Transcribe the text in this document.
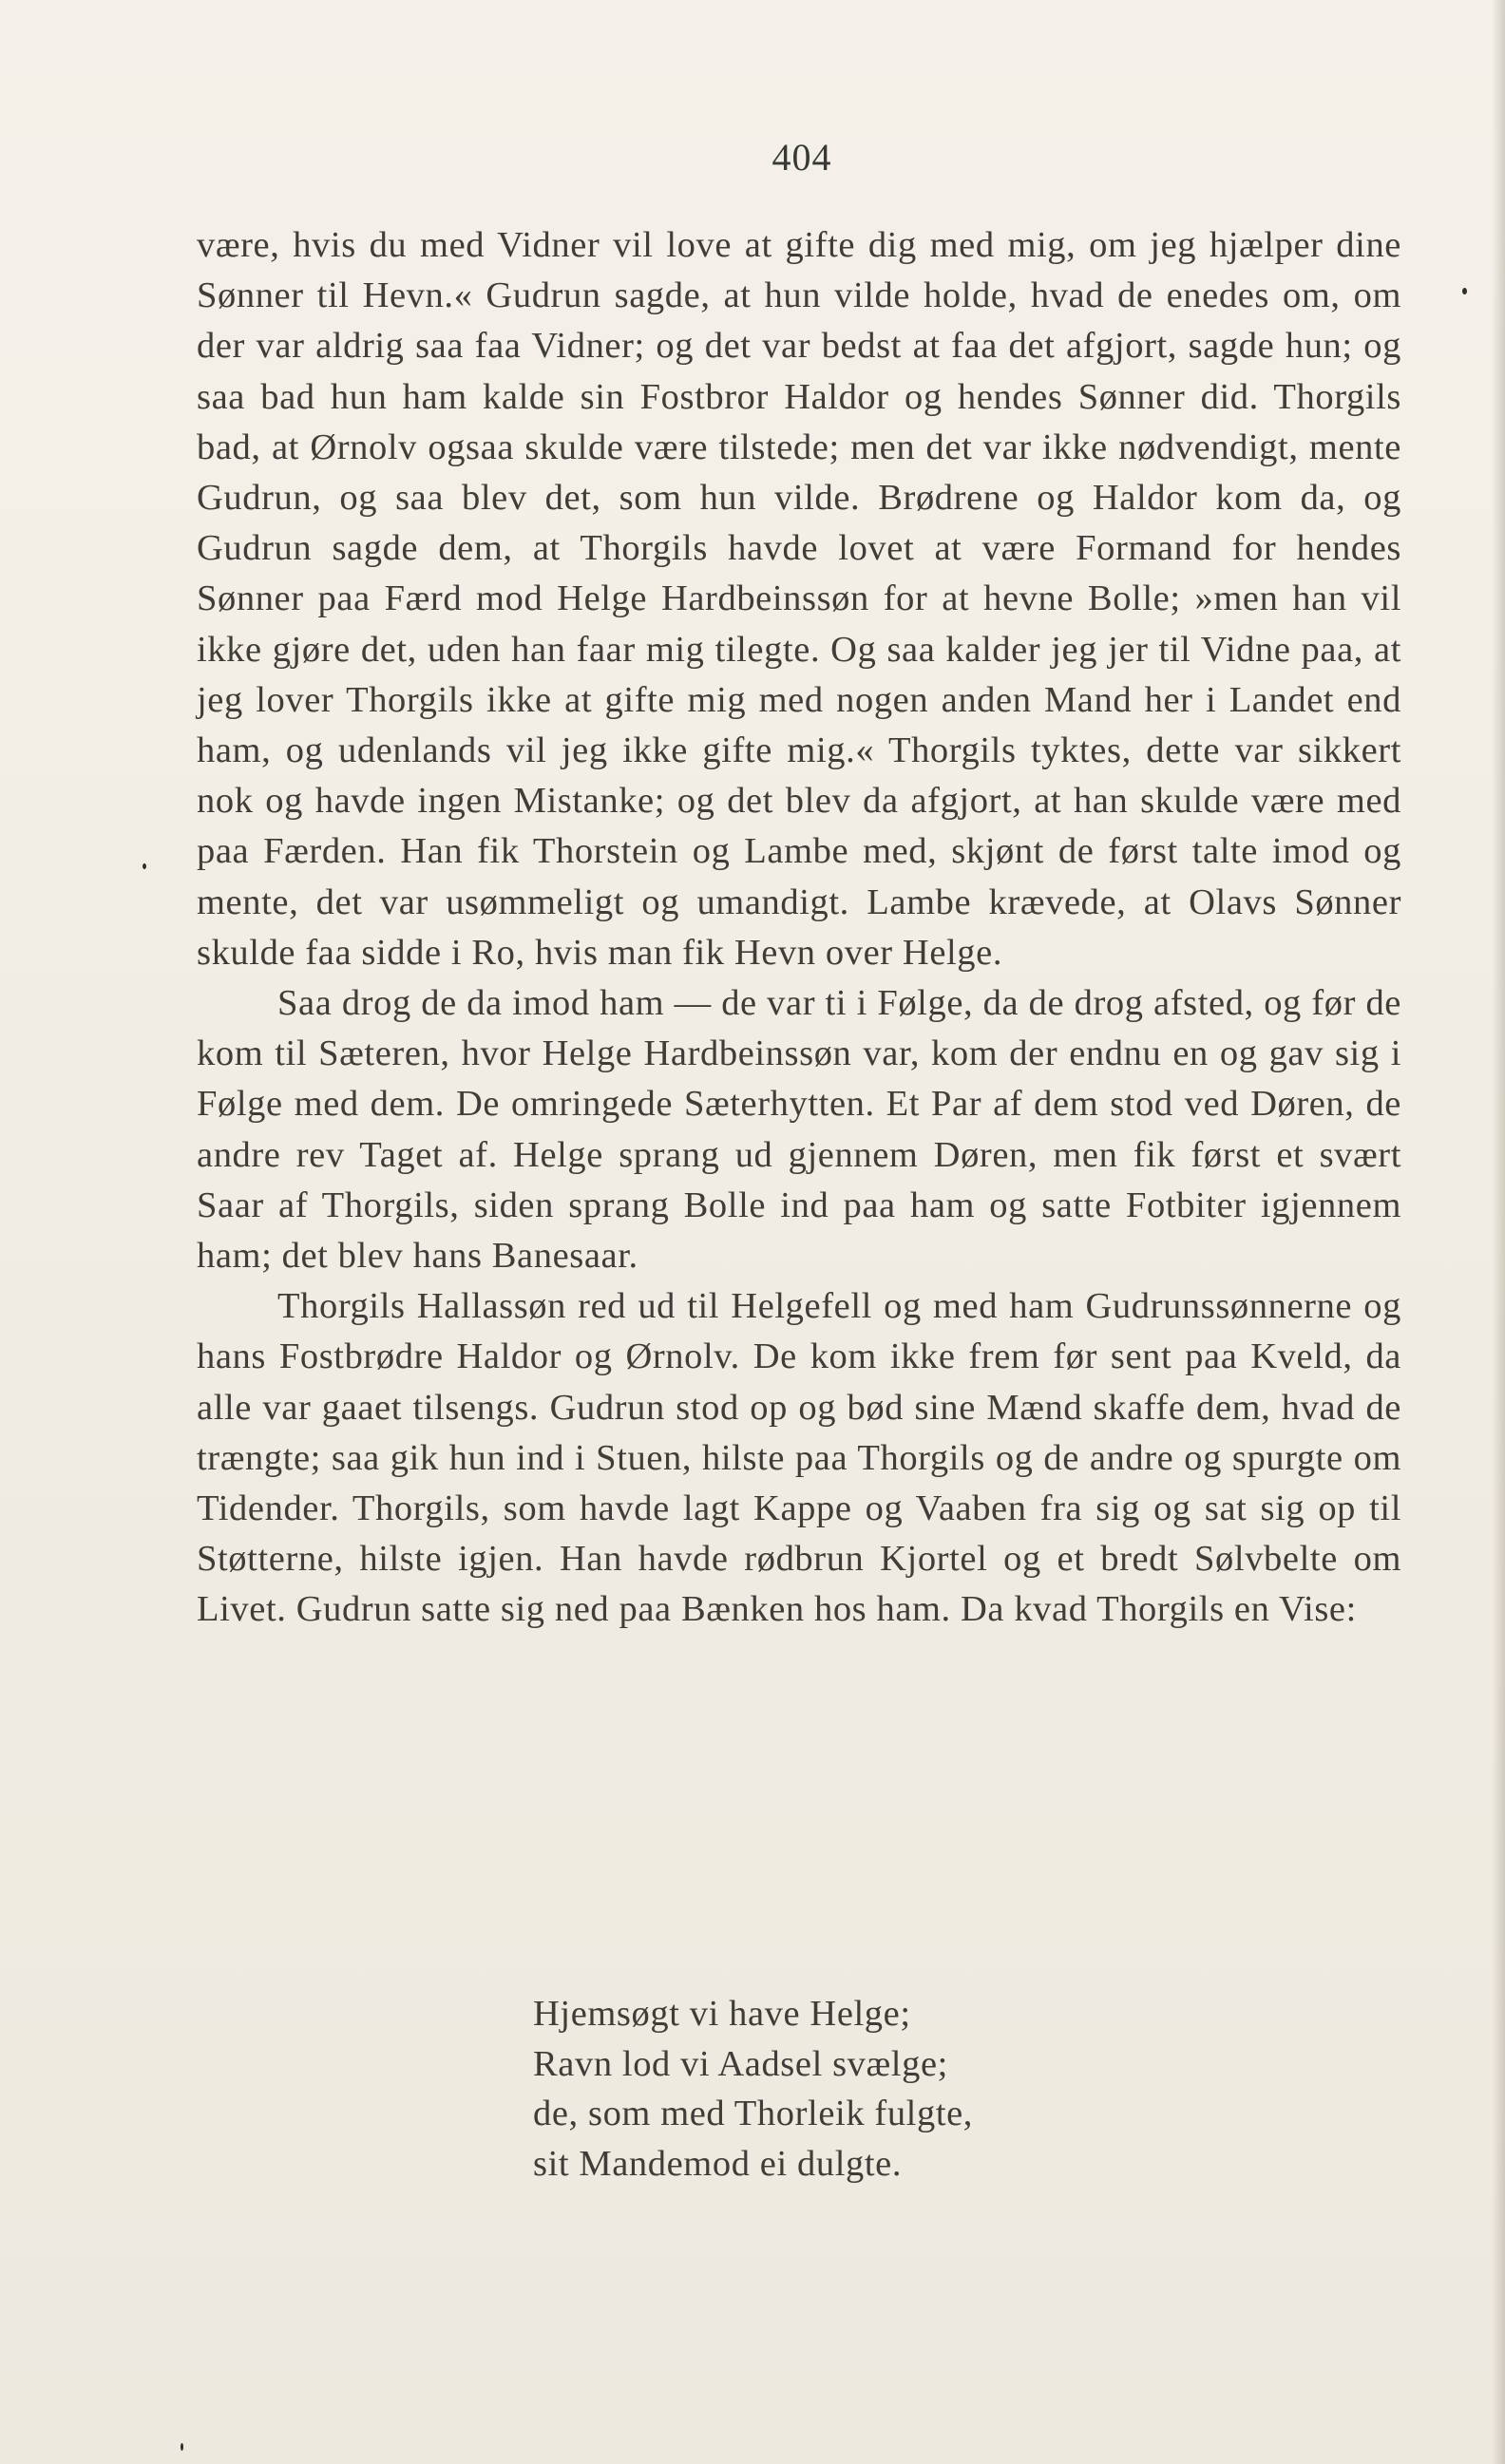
404

være, hvis du med Vidner vil love at gifte dig med mig, om jeg hjælper dine Sønner til Hevn.« Gudrun sagde, at hun vilde holde, hvad de enedes om, om der var aldrig saa faa Vidner; og det var bedst at faa det afgjort, sagde hun; og saa bad hun ham kalde sin Fostbror Haldor og hendes Sønner did. Thorgils bad, at Ørnolv ogsaa skulde være tilstede; men det var ikke nødvendigt, mente Gudrun, og saa blev det, som hun vilde. Brødrene og Haldor kom da, og Gudrun sagde dem, at Thorgils havde lovet at være Formand for hendes Sønner paa Færd mod Helge Hardbeinssøn for at hevne Bolle; »men han vil ikke gjøre det, uden han faar mig tilegte. Og saa kalder jeg jer til Vidne paa, at jeg lover Thorgils ikke at gifte mig med nogen anden Mand her i Landet end ham, og udenlands vil jeg ikke gifte mig.« Thorgils tyktes, dette var sikkert nok og havde ingen Mistanke; og det blev da afgjort, at han skulde være med paa Færden. Han fik Thorstein og Lambe med, skjønt de først talte imod og mente, det var usømmeligt og umandigt. Lambe krævede, at Olavs Sønner skulde faa sidde i Ro, hvis man fik Hevn over Helge.

Saa drog de da imod ham — de var ti i Følge, da de drog afsted, og før de kom til Sæteren, hvor Helge Hardbeinssøn var, kom der endnu en og gav sig i Følge med dem. De omringede Sæterhytten. Et Par af dem stod ved Døren, de andre rev Taget af. Helge sprang ud gjennem Døren, men fik først et svært Saar af Thorgils, siden sprang Bolle ind paa ham og satte Fotbiter igjennem ham; det blev hans Banesaar.

Thorgils Hallassøn red ud til Helgefell og med ham Gudrunssønnerne og hans Fostbrødre Haldor og Ørnolv. De kom ikke frem før sent paa Kveld, da alle var gaaet tilsengs. Gudrun stod op og bød sine Mænd skaffe dem, hvad de trængte; saa gik hun ind i Stuen, hilste paa Thorgils og de andre og spurgte om Tidender. Thorgils, som havde lagt Kappe og Vaaben fra sig og sat sig op til Støtterne, hilste igjen. Han havde rødbrun Kjortel og et bredt Sølvbelte om Livet. Gudrun satte sig ned paa Bænken hos ham. Da kvad Thorgils en Vise:

Hjemsøgt vi have Helge;
Ravn lod vi Aadsel svælge;
de, som med Thorleik fulgte,
sit Mandemod ei dulgte.
